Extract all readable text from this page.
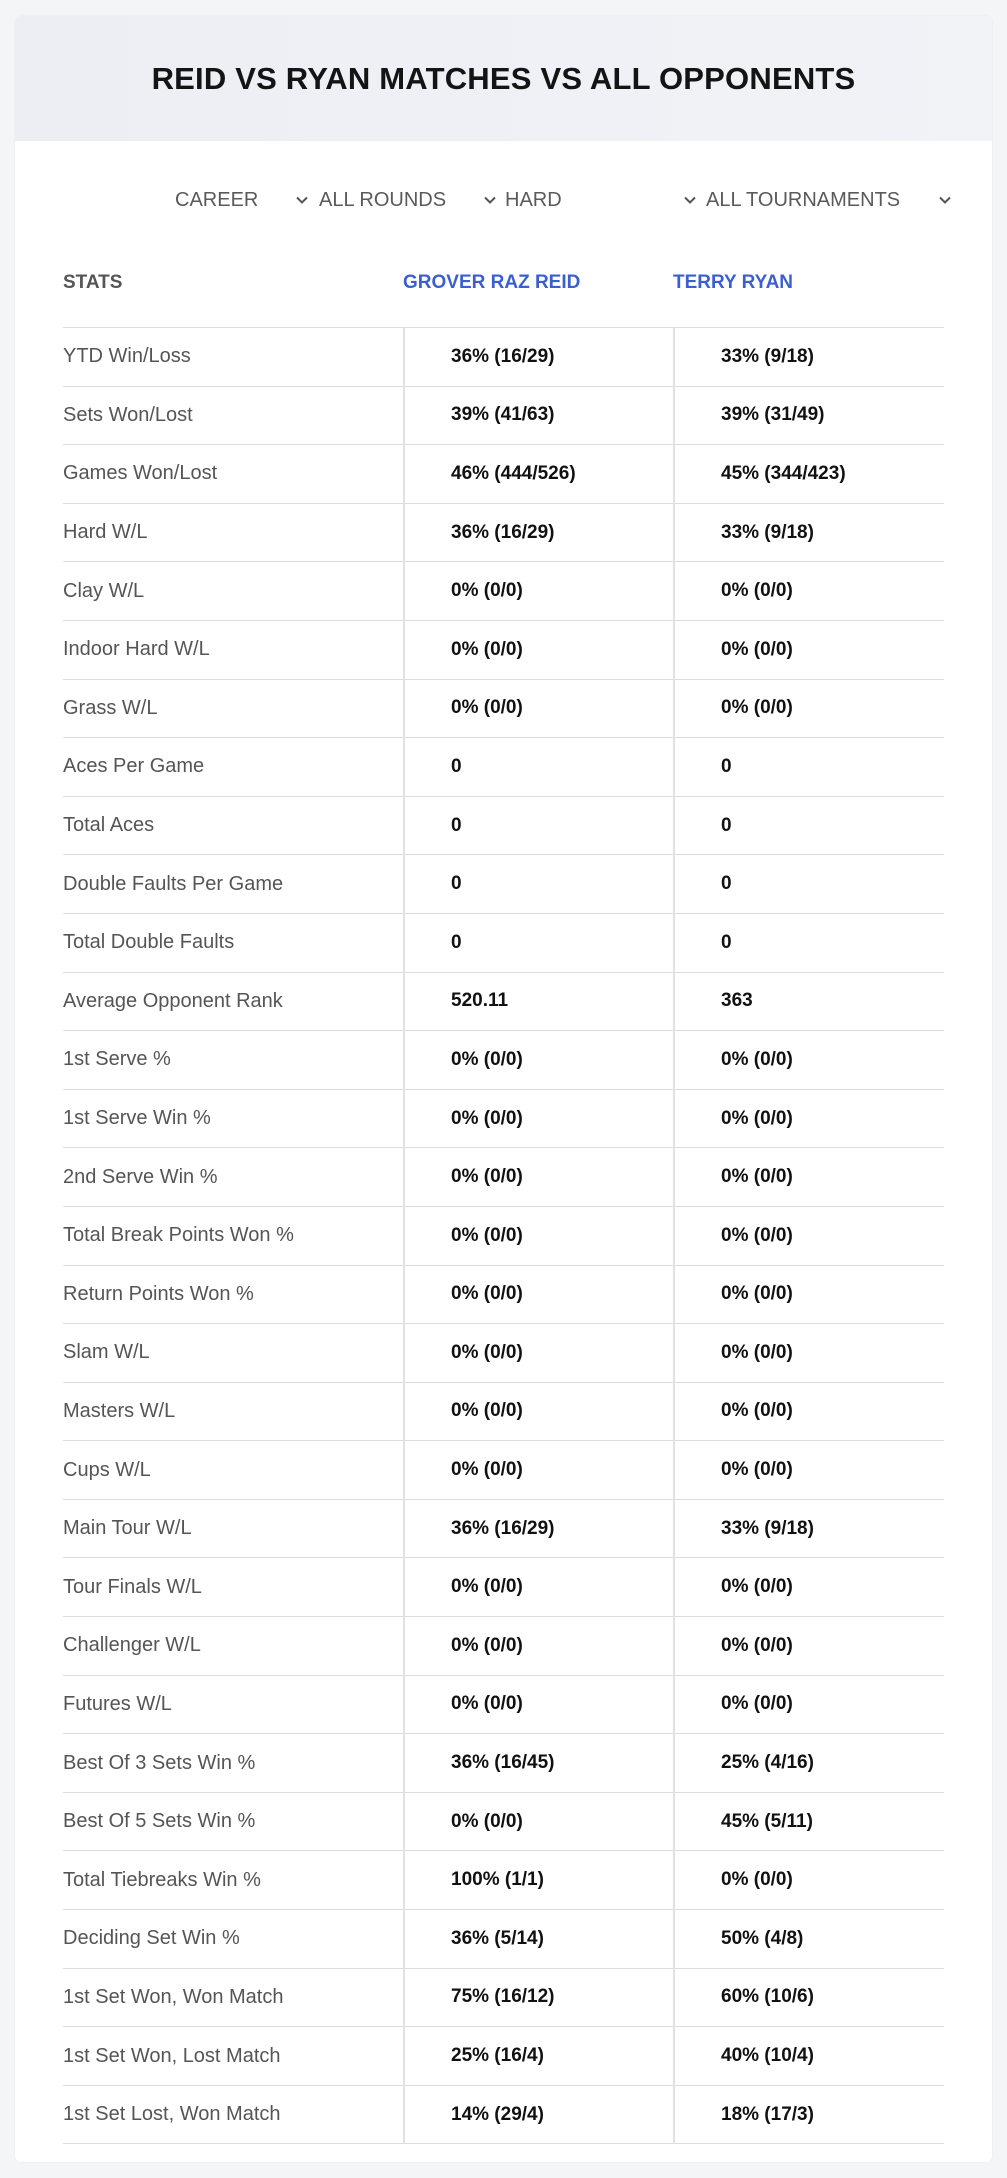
REID VS RYAN MATCHES VS ALL OPPONENTS
CAREER	ALL ROUNDS	HARD	ALL TOURNAMENTS
STATS	GROVER RAZ REID	TERRY RYAN
YTD Win/Loss	36% (16/29)	33% (9/18)
Sets Won/Lost	39% (41/63)	39% (31/49)
Games Won/Lost	46% (444/526)	45% (344/423)
Hard W/L	36% (16/29)	33% (9/18)
Clay W/L	0% (0/0)	0% (0/0)
Indoor Hard W/L	0% (0/0)	0% (0/0)
Grass W/L	0% (0/0)	0% (0/0)
Aces Per Game	0	0
Total Aces	0	0
Double Faults Per Game	0	0
Total Double Faults	0	0
Average Opponent Rank	520.11	363
1st Serve %	0% (0/0)	0% (0/0)
1st Serve Win %	0% (0/0)	0% (0/0)
2nd Serve Win %	0% (0/0)	0% (0/0)
Total Break Points Won %	0% (0/0)	0% (0/0)
Return Points Won %	0% (0/0)	0% (0/0)
Slam W/L	0% (0/0)	0% (0/0)
Masters W/L	0% (0/0)	0% (0/0)
Cups W/L	0% (0/0)	0% (0/0)
Main Tour W/L	36% (16/29)	33% (9/18)
Tour Finals W/L	0% (0/0)	0% (0/0)
Challenger W/L	0% (0/0)	0% (0/0)
Futures W/L	0% (0/0)	0% (0/0)
Best Of 3 Sets Win %	36% (16/45)	25% (4/16)
Best Of 5 Sets Win %	0% (0/0)	45% (5/11)
Total Tiebreaks Win %	100% (1/1)	0% (0/0)
Deciding Set Win %	36% (5/14)	50% (4/8)
1st Set Won, Won Match	75% (16/12)	60% (10/6)
1st Set Won, Lost Match	25% (16/4)	40% (10/4)
1st Set Lost, Won Match	14% (29/4)	18% (17/3)
